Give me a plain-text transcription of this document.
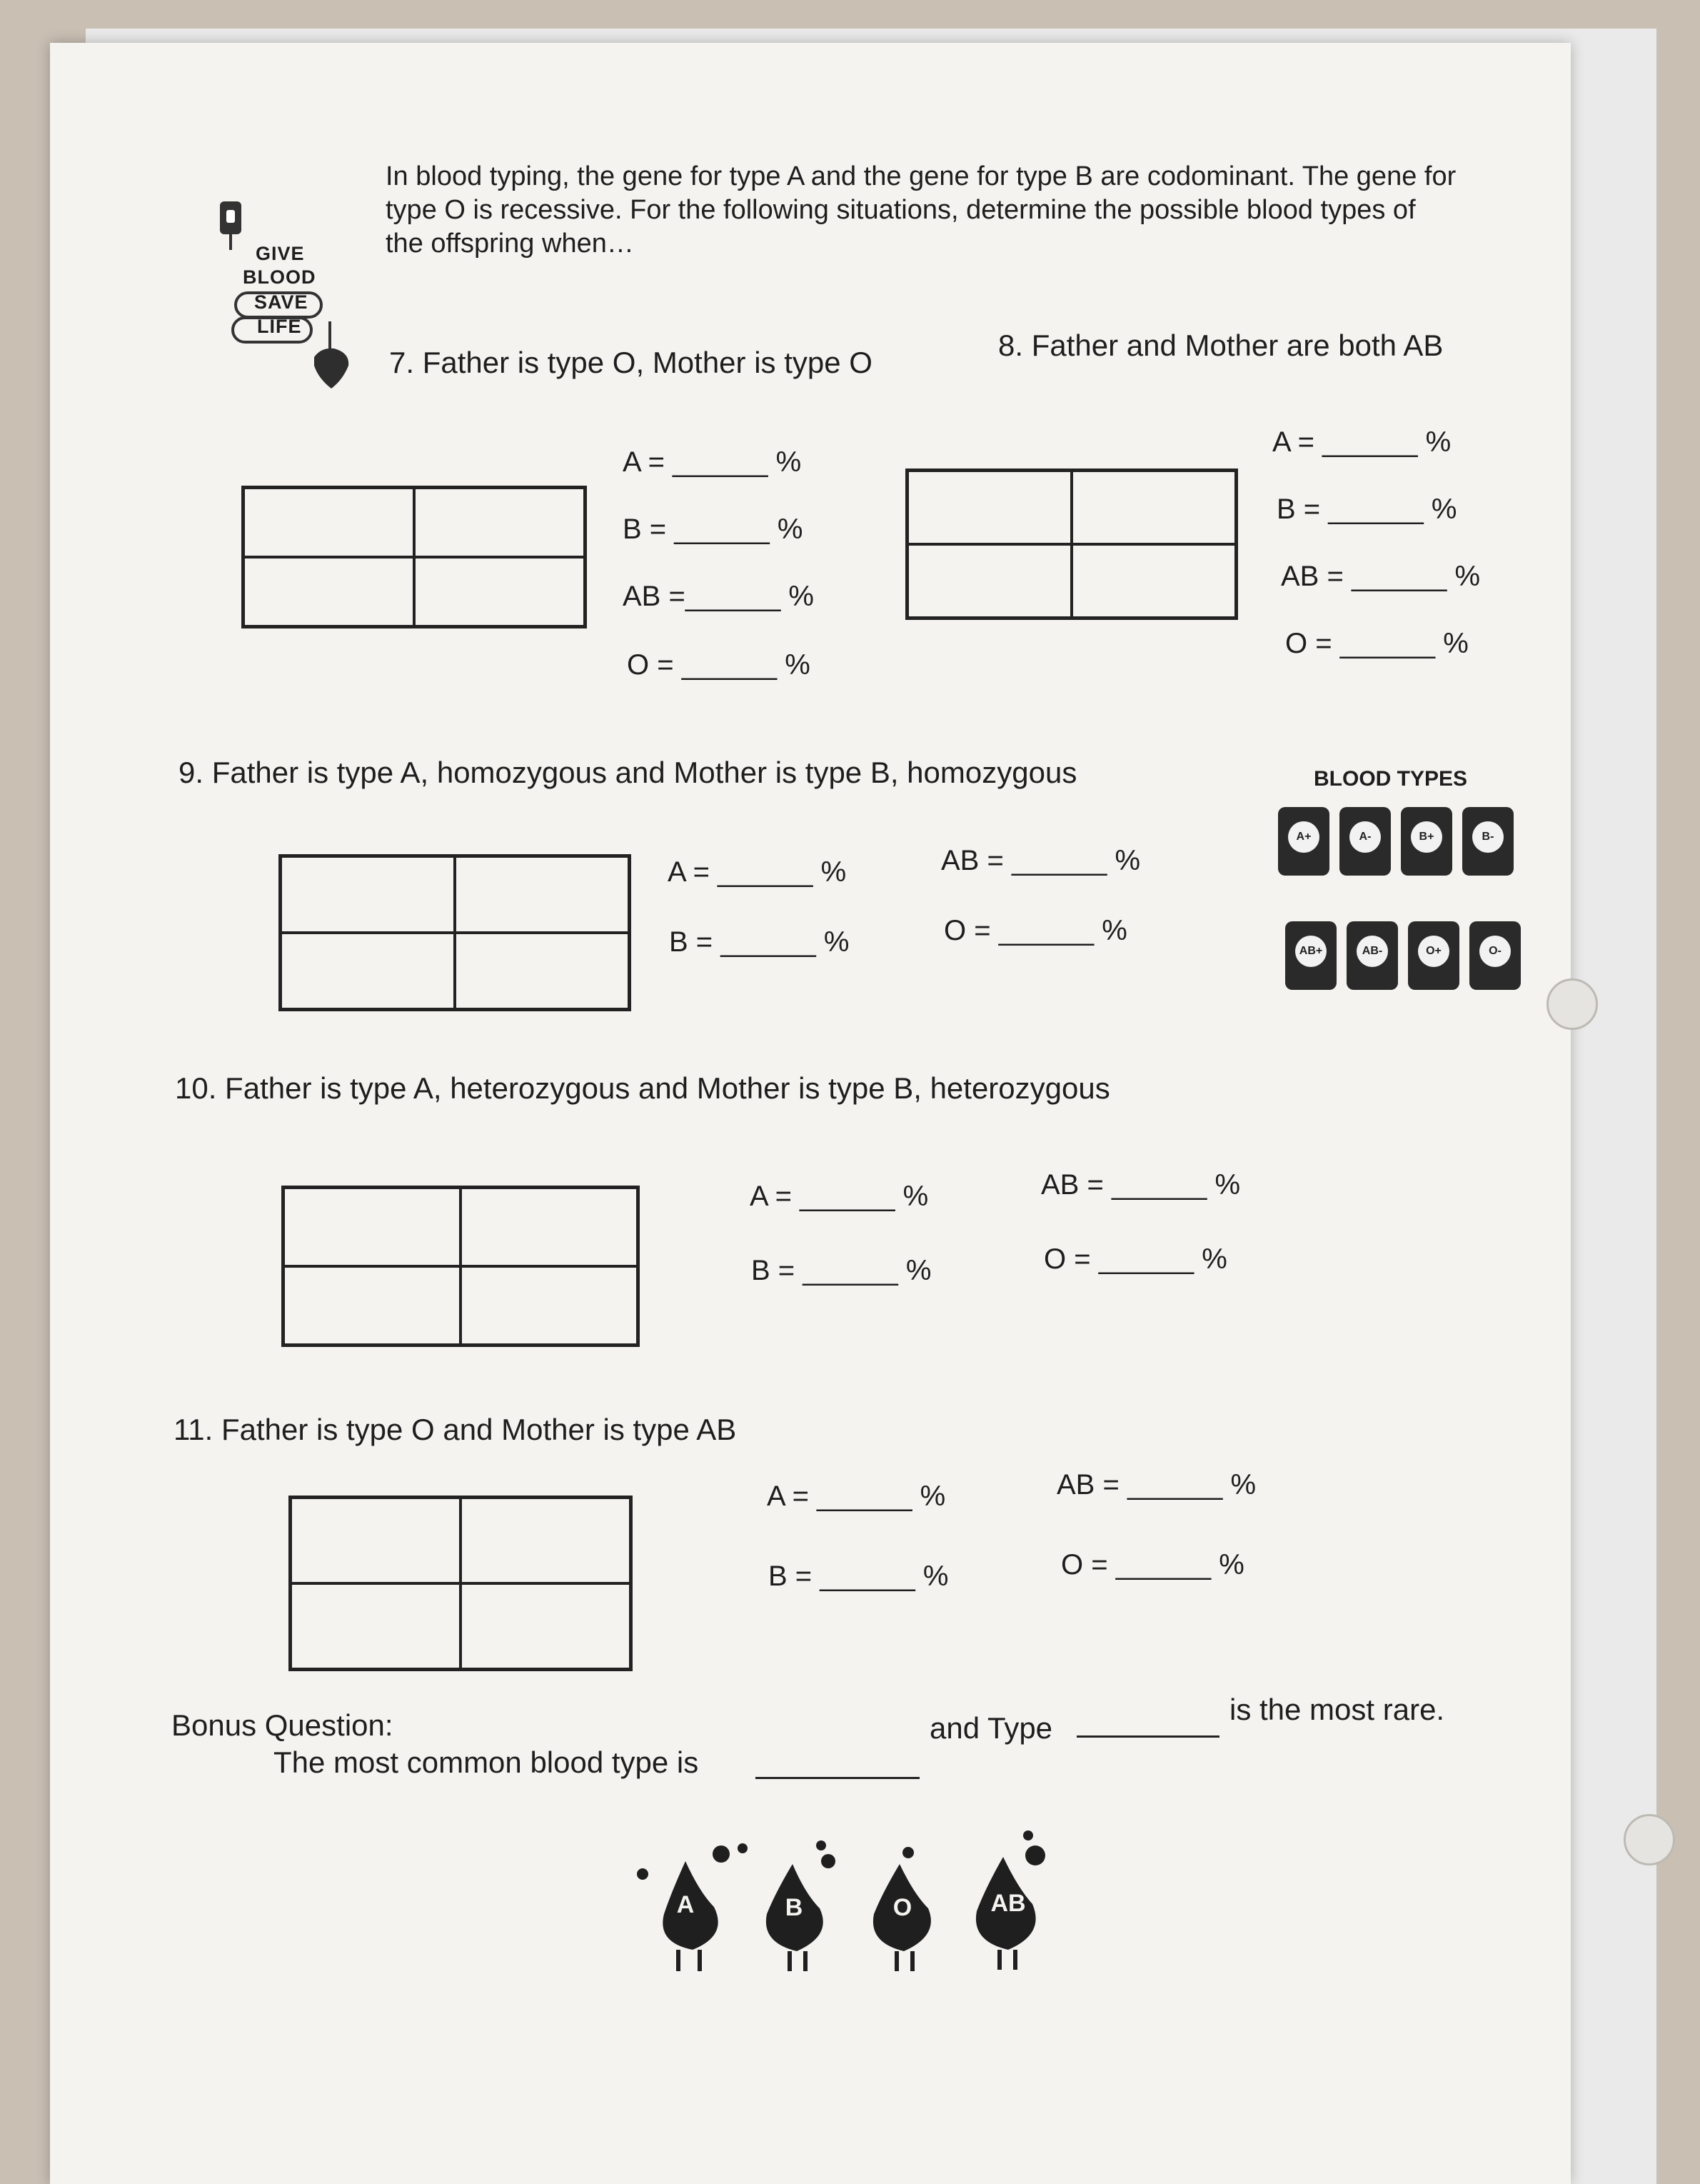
GIVE
BLOOD
SAVE
LIFE
In blood typing, the gene for type A and the gene for type B are codominant. The gene for type O is recessive. For the following situations, determine the possible blood types of the offspring when…
7. Father is type O, Mother is type O
A = ______ %
B = ______ %
AB =______ %
O = ______ %
8. Father and Mother are both AB
A = ______ %
B = ______ %
AB = ______ %
O = ______ %
9. Father is type A, homozygous and Mother is type B, homozygous
A = ______ %	AB = ______ %
B = ______ %	O = ______ %
BLOOD TYPES
A+	A-	B+	B-
AB+	AB-	O+	O-
10. Father is type A, heterozygous and Mother is type B, heterozygous
A = ______ %	AB = ______ %
B = ______ %	O = ______ %
11. Father is type O and Mother is type AB
A = ______ %	AB = ______ %
B = ______ %	O = ______ %
Bonus Question:
The most common blood type is
and Type
is the most rare.
A	B	O	AB
